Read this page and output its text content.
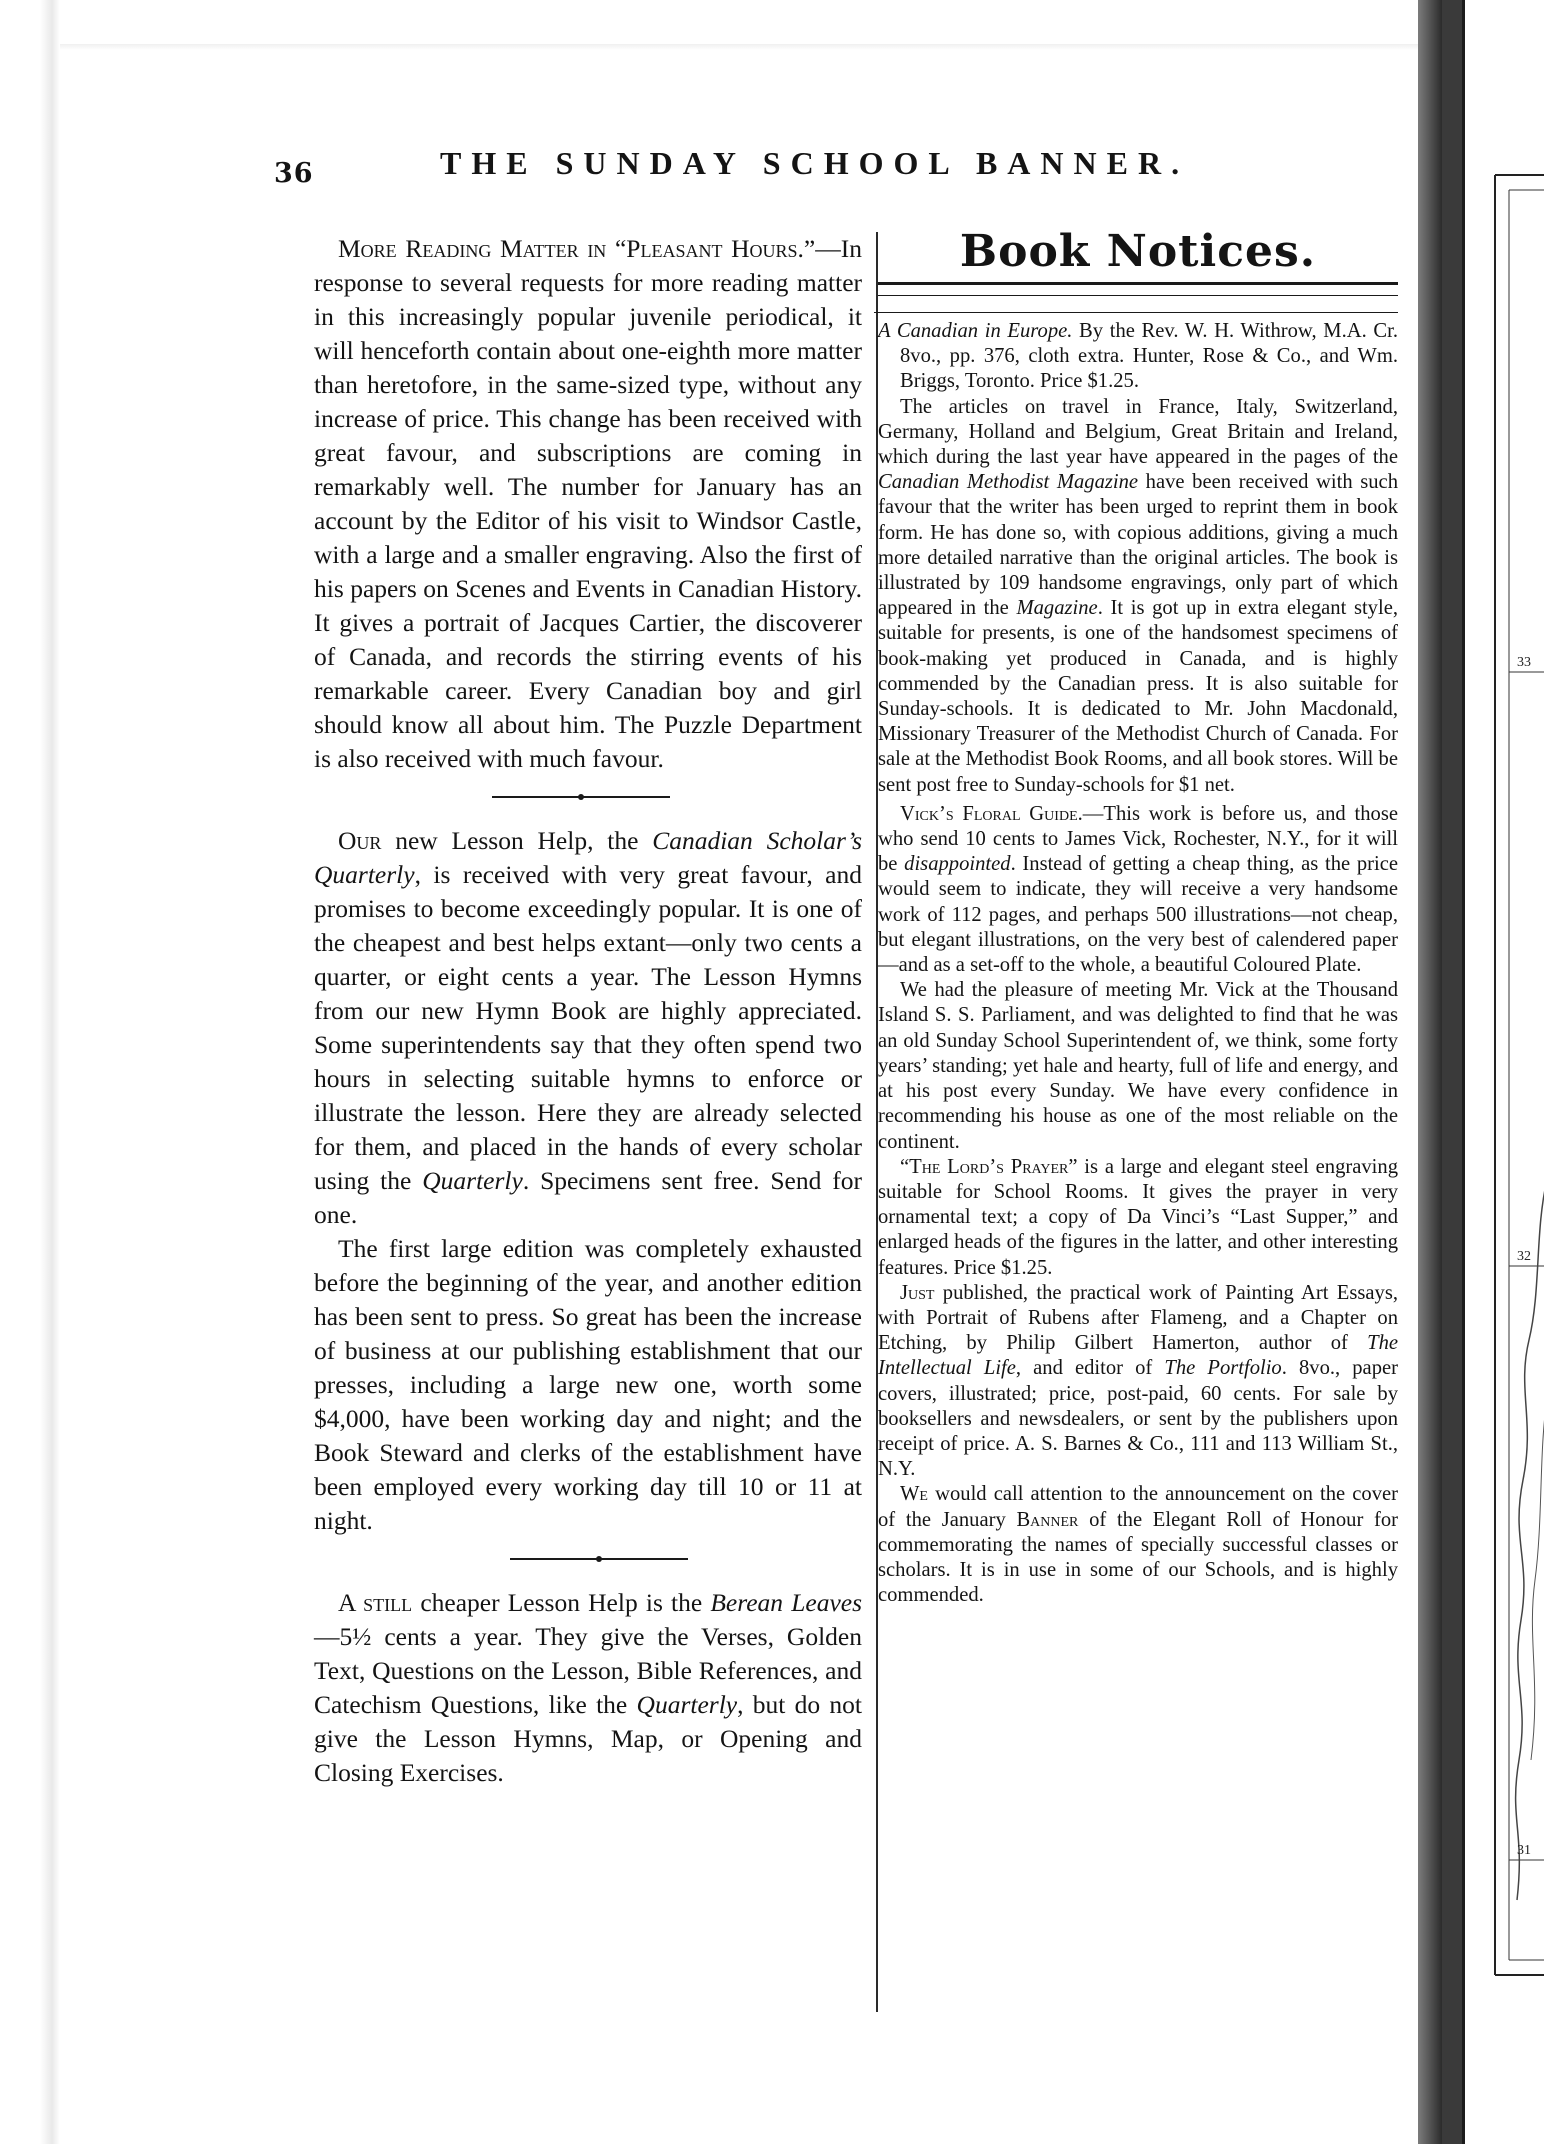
36	THE SUNDAY SCHOOL BANNER.

More Reading Matter in “Pleasant Hours.”—In response to several requests for more reading matter in this increasingly popular juvenile periodical, it will henceforth contain about one-eighth more matter than heretofore, in the same-sized type, without any increase of price. This change has been received with great favour, and subscriptions are coming in remarkably well. The number for January has an account by the Editor of his visit to Windsor Castle, with a large and a smaller engraving. Also the first of his papers on Scenes and Events in Canadian History. It gives a portrait of Jacques Cartier, the discoverer of Canada, and records the stirring events of his remarkable career. Every Canadian boy and girl should know all about him. The Puzzle Department is also received with much favour.

Our new Lesson Help, the Canadian Scholar’s Quarterly, is received with very great favour, and promises to become exceedingly popular. It is one of the cheapest and best helps extant—only two cents a quarter, or eight cents a year. The Lesson Hymns from our new Hymn Book are highly appreciated. Some superintendents say that they often spend two hours in selecting suitable hymns to enforce or illustrate the lesson. Here they are already selected for them, and placed in the hands of every scholar using the Quarterly. Specimens sent free. Send for one.

The first large edition was completely exhausted before the beginning of the year, and another edition has been sent to press. So great has been the increase of business at our publishing establishment that our presses, including a large new one, worth some $4,000, have been working day and night; and the Book Steward and clerks of the establishment have been employed every working day till 10 or 11 at night.

A still cheaper Lesson Help is the Berean Leaves—5½ cents a year. They give the Verses, Golden Text, Questions on the Lesson, Bible References, and Catechism Questions, like the Quarterly, but do not give the Lesson Hymns, Map, or Opening and Closing Exercises.

Book Notices.

A Canadian in Europe. By the Rev. W. H. Withrow, M.A. Cr. 8vo., pp. 376, cloth extra. Hunter, Rose & Co., and Wm. Briggs, Toronto. Price $1.25.

The articles on travel in France, Italy, Switzerland, Germany, Holland and Belgium, Great Britain and Ireland, which during the last year have appeared in the pages of the Canadian Methodist Magazine have been received with such favour that the writer has been urged to reprint them in book form. He has done so, with copious additions, giving a much more detailed narrative than the original articles. The book is illustrated by 109 handsome engravings, only part of which appeared in the Magazine. It is got up in extra elegant style, suitable for presents, is one of the handsomest specimens of book-making yet produced in Canada, and is highly commended by the Canadian press. It is also suitable for Sunday-schools. It is dedicated to Mr. John Macdonald, Missionary Treasurer of the Methodist Church of Canada. For sale at the Methodist Book Rooms, and all book stores. Will be sent post free to Sunday-schools for $1 net.

Vick’s Floral Guide.—This work is before us, and those who send 10 cents to James Vick, Rochester, N.Y., for it will be disappointed. Instead of getting a cheap thing, as the price would seem to indicate, they will receive a very handsome work of 112 pages, and perhaps 500 illustrations—not cheap, but elegant illustrations, on the very best of calendered paper—and as a set-off to the whole, a beautiful Coloured Plate.

We had the pleasure of meeting Mr. Vick at the Thousand Island S. S. Parliament, and was delighted to find that he was an old Sunday School Superintendent of, we think, some forty years’ standing; yet hale and hearty, full of life and energy, and at his post every Sunday. We have every confidence in recommending his house as one of the most reliable on the continent.

“The Lord’s Prayer” is a large and elegant steel engraving suitable for School Rooms. It gives the prayer in very ornamental text; a copy of Da Vinci’s “Last Supper,” and enlarged heads of the figures in the latter, and other interesting features. Price $1.25.

Just published, the practical work of Painting Art Essays, with Portrait of Rubens after Flameng, and a Chapter on Etching, by Philip Gilbert Hamerton, author of The Intellectual Life, and editor of The Portfolio. 8vo., paper covers, illustrated; price, post-paid, 60 cents. For sale by booksellers and newsdealers, or sent by the publishers upon receipt of price. A. S. Barnes & Co., 111 and 113 William St., N.Y.

We would call attention to the announcement on the cover of the January Banner of the Elegant Roll of Honour for commemorating the names of specially successful classes or scholars. It is in use in some of our Schools, and is highly commended.

33
32
31
